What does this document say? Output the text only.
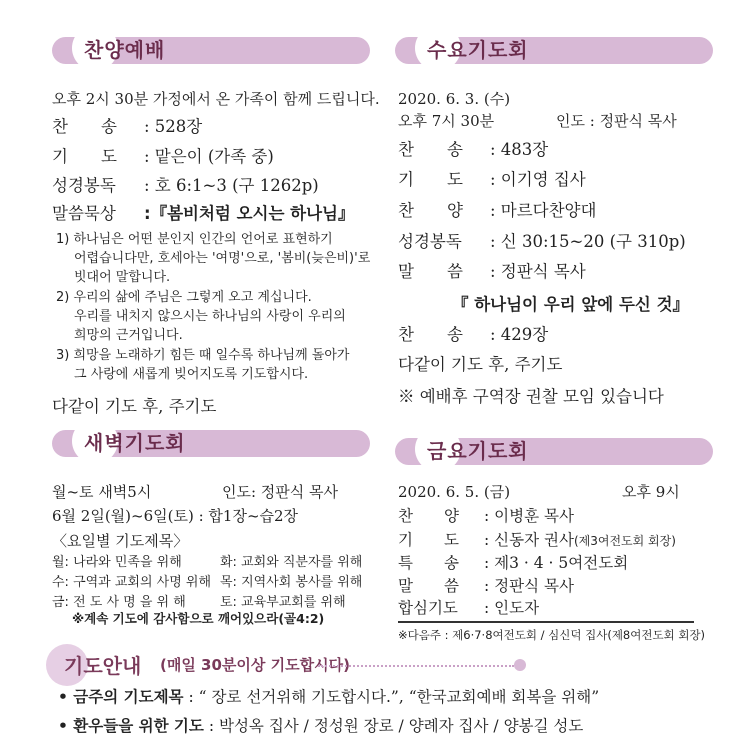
찬양예배
오후 2시 30분 가정에서 온 가족이 함께 드립니다.
찬　　송 : 528장
기　　도 : 맡은이 (가족 중)
성경봉독 : 호 6:1~3 (구 1262p)
말씀묵상 :『봄비처럼 오시는 하나님』
1) 하나님은 어떤 분인지 인간의 언어로 표현하기
어렵습니다만, 호세아는 '여명'으로, '봄비(늦은비)'로
빗대어 말합니다.
2) 우리의 삶에 주님은 그렇게 오고 계십니다.
우리를 내치지 않으시는 하나님의 사랑이 우리의
희망의 근거입니다.
3) 희망을 노래하기 힘든 때 일수록 하나님께 돌아가
그 사랑에 새롭게 빚어지도록 기도합시다.
다같이 기도 후, 주기도
새벽기도회
월~토 새벽5시	인도: 정판식 목사
6월 2일(월)~6일(토) : 합1장~습2장
〈요일별 기도제목〉
월: 나라와 민족을 위해	화: 교회와 직분자를 위해
수: 구역과 교회의 사명 위해 목: 지역사회 봉사를 위해
금: 전 도 사 명 을 위 해	토: 교육부교회를 위해
※계속 기도에 감사함으로 깨어있으라(골4:2)
수요기도회
2020. 6. 3. (수)
오후 7시 30분	인도 : 정판식 목사
찬　　송 : 483장
기　　도 : 이기영 집사
찬　　양 : 마르다찬양대
성경봉독 : 신 30:15~20 (구 310p)
말　　씀 : 정판식 목사
『 하나님이 우리 앞에 두신 것』
찬　　송 : 429장
다같이 기도 후, 주기도
※ 예배후 구역장 권찰 모임 있습니다
금요기도회
2020. 6. 5. (금)	오후 9시
찬　　양 : 이병훈 목사
기　　도 : 신동자 권사(제3여전도회 회장)
특　　송 : 제3 · 4 · 5여전도회
말　　씀 : 정판식 목사
합심기도 : 인도자
※다음주 : 제6·7·8여전도회 / 심신덕 집사(제8여전도회 회장)
기도안내 (매일 30분이상 기도합시다)
• 금주의 기도제목 : “ 장로 선거위해 기도합시다.”, “한국교회예배 회복을 위해”
• 환우들을 위한 기도 : 박성옥 집사 / 정성원 장로 / 양례자 집사 / 양봉길 성도
